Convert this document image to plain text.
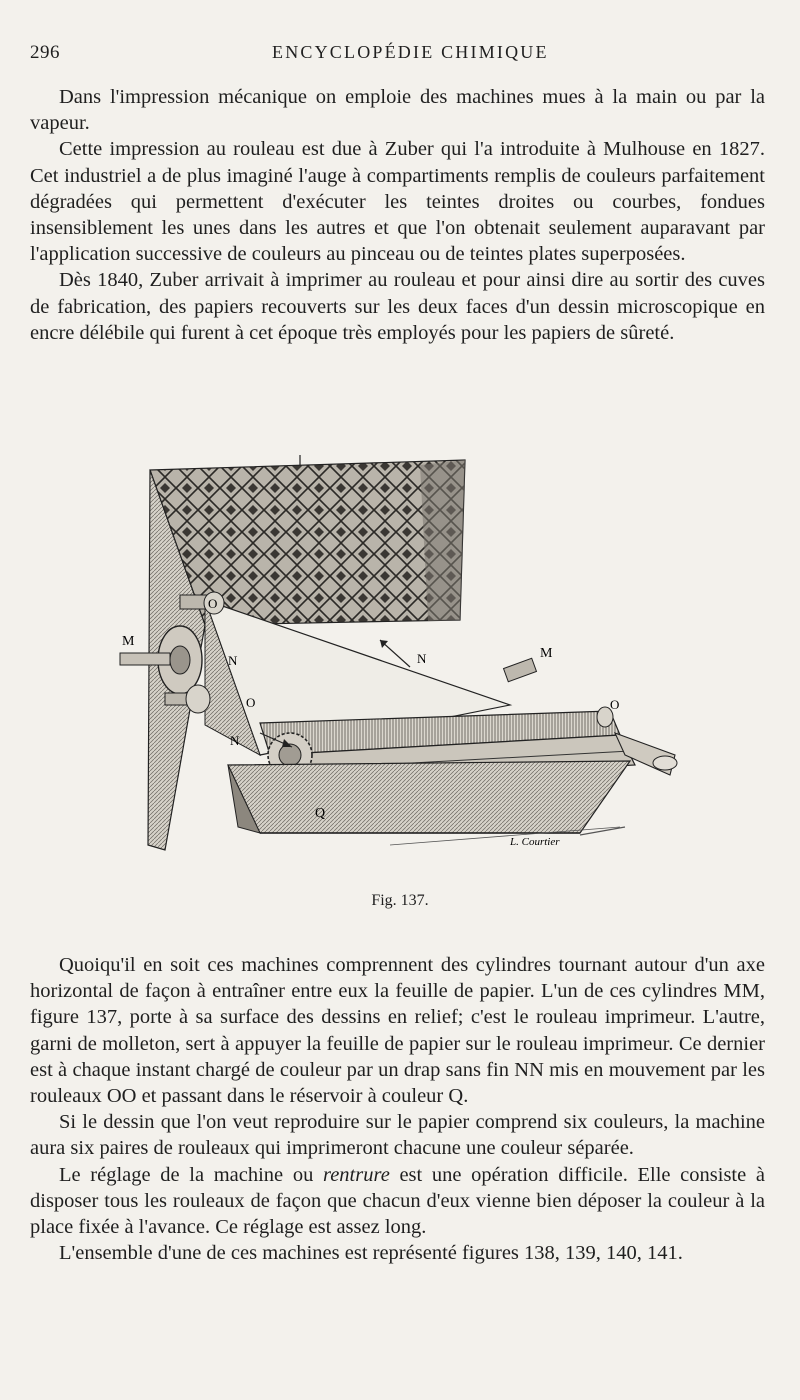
296	ENCYCLOPÉDIE CHIMIQUE

Dans l'impression mécanique on emploie des machines mues à la main ou par la vapeur.

Cette impression au rouleau est due à Zuber qui l'a introduite à Mulhouse en 1827. Cet industriel a de plus imaginé l'auge à compartiments remplis de couleurs parfaitement dégradées qui permettent d'exécuter les teintes droites ou courbes, fondues insensiblement les unes dans les autres et que l'on obtenait seulement auparavant par l'application successive de couleurs au pinceau ou de teintes plates superposées.

Dès 1840, Zuber arrivait à imprimer au rouleau et pour ainsi dire au sortir des cuves de fabrication, des papiers recouverts sur les deux faces d'un dessin microscopique en encre délébile qui furent à cet époque très employés pour les papiers de sûreté.

M
M
N	N
N
O
O	O
Q
L. Courtier
Fig. 137.

Quoiqu'il en soit ces machines comprennent des cylindres tournant autour d'un axe horizontal de façon à entraîner entre eux la feuille de papier. L'un de ces cylindres MM, figure 137, porte à sa surface des dessins en relief; c'est le rouleau imprimeur. L'autre, garni de molleton, sert à appuyer la feuille de papier sur le rouleau imprimeur. Ce dernier est à chaque instant chargé de couleur par un drap sans fin NN mis en mouvement par les rouleaux OO et passant dans le réservoir à couleur Q.

Si le dessin que l'on veut reproduire sur le papier comprend six couleurs, la machine aura six paires de rouleaux qui imprimeront chacune une couleur séparée.

Le réglage de la machine ou rentrure est une opération difficile. Elle consiste à disposer tous les rouleaux de façon que chacun d'eux vienne bien déposer la couleur à la place fixée à l'avance. Ce réglage est assez long.

L'ensemble d'une de ces machines est représenté figures 138, 139, 140, 141.
